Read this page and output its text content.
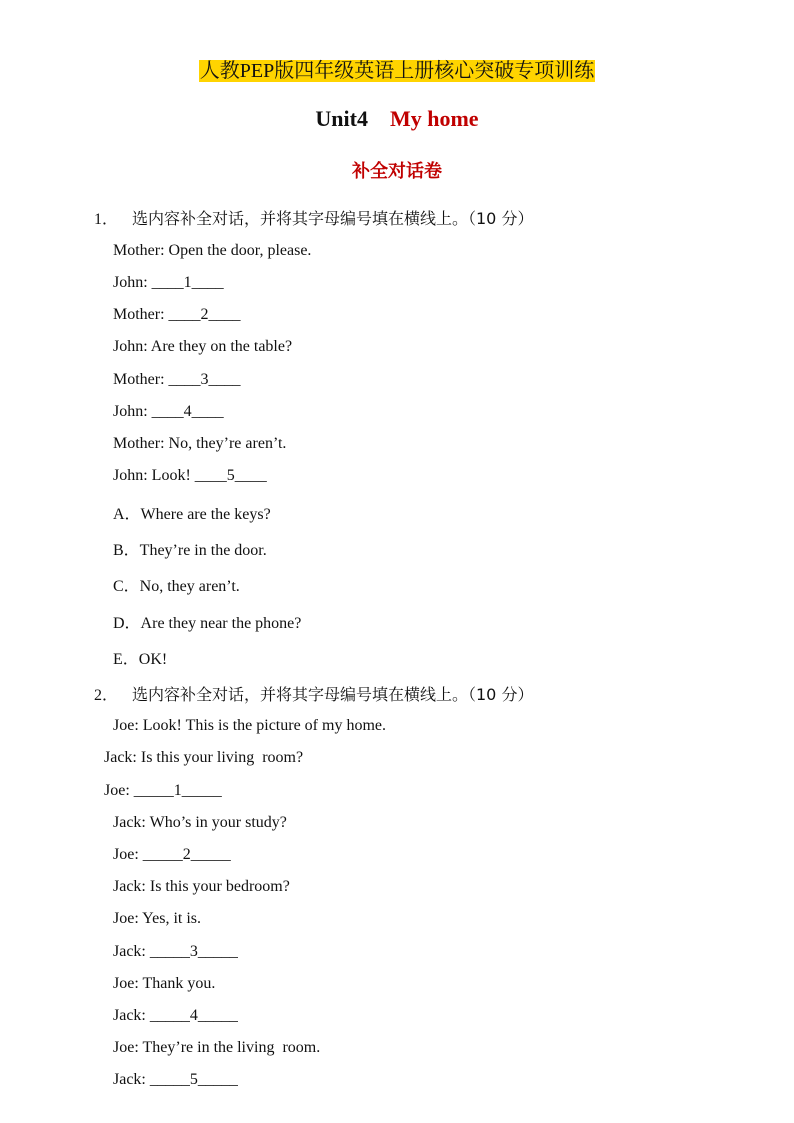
人教PEP版四年级英语上册核心突破专项训练
Unit4 My home
补全对话卷
1． 选内容补全对话，并将其字母编号填在横线上。（10 分）
Mother: Open the door, please.
John: ____1____
Mother: ____2____
John: Are they on the table?
Mother: ____3____
John: ____4____
Mother: No, they’re aren’t.
John: Look! ____5____
A．Where are the keys?
B．They’re in the door.
C．No, they aren’t.
D．Are they near the phone?
E．OK!
2． 选内容补全对话，并将其字母编号填在横线上。（10 分）
Joe: Look! This is the picture of my home.
Jack: Is this your living  room?
Joe: _____1_____
Jack: Who’s in your study?
Joe: _____2_____
Jack: Is this your bedroom?
Joe: Yes, it is.
Jack: _____3_____
Joe: Thank you.
Jack: _____4_____
Joe: They’re in the living  room.
Jack: _____5_____
